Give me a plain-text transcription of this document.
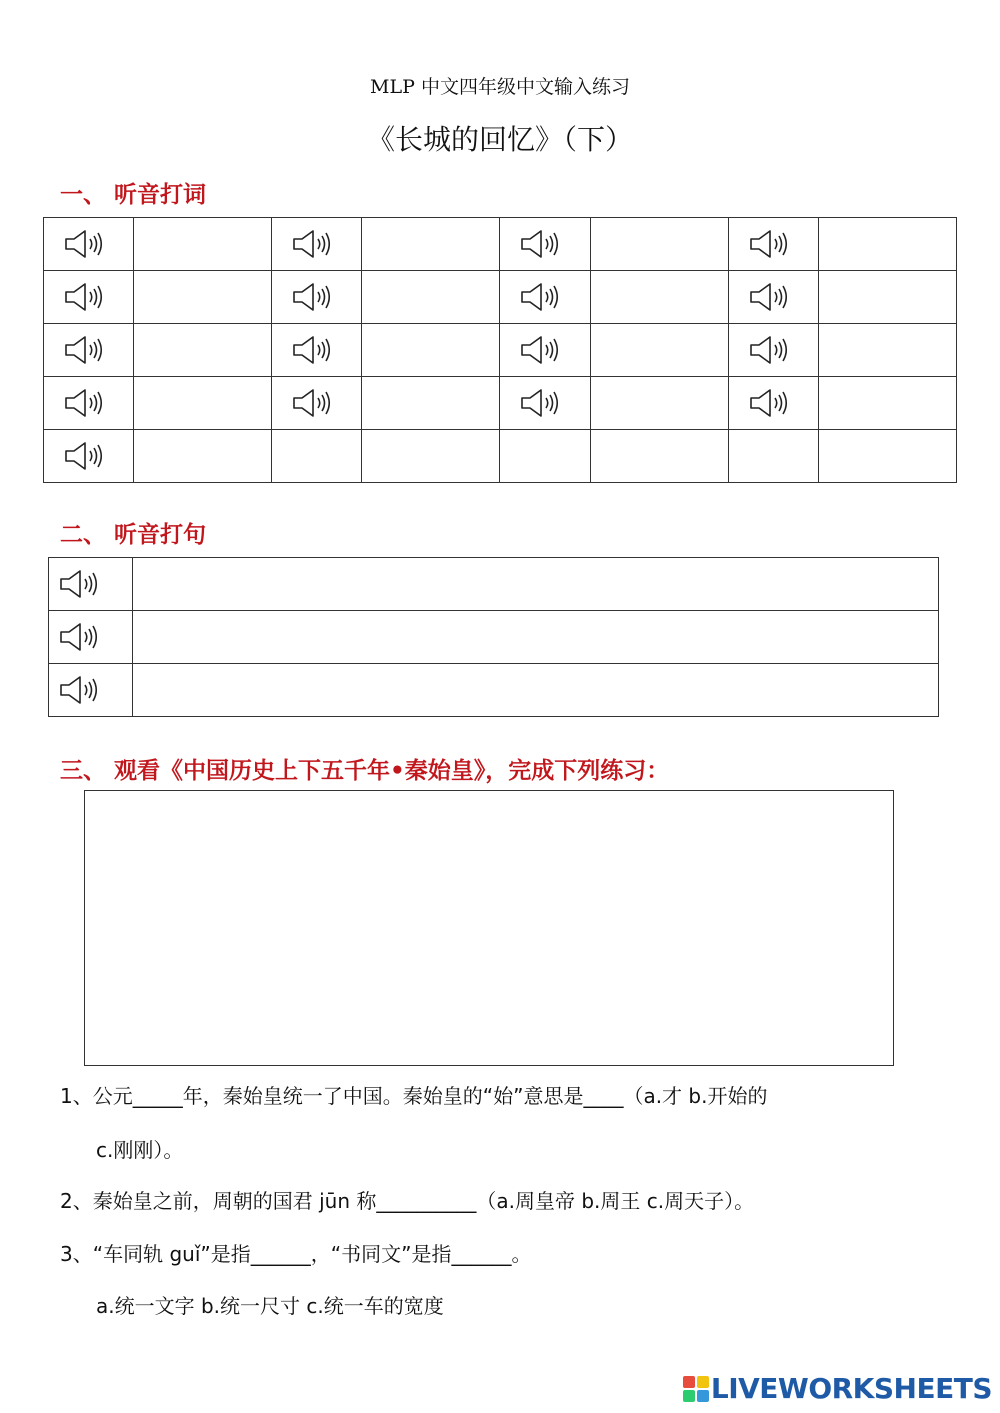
MLP 中文四年级中文输入练习
《长城的回忆》（下）
一、 听音打词

二、 听音打句

三、 观看《中国历史上下五千年•秦始皇》，完成下列练习：
1、公元_____年，秦始皇统一了中国。秦始皇的“始”意思是____（a.才 b.开始的
c.刚刚）。
2、秦始皇之前，周朝的国君 jūn 称__________（a.周皇帝 b.周王 c.周天子）。
3、“车同轨 guǐ”是指______，“书同文”是指______。
a.统一文字 b.统一尺寸 c.统一车的宽度
LIVEWORKSHEETS
